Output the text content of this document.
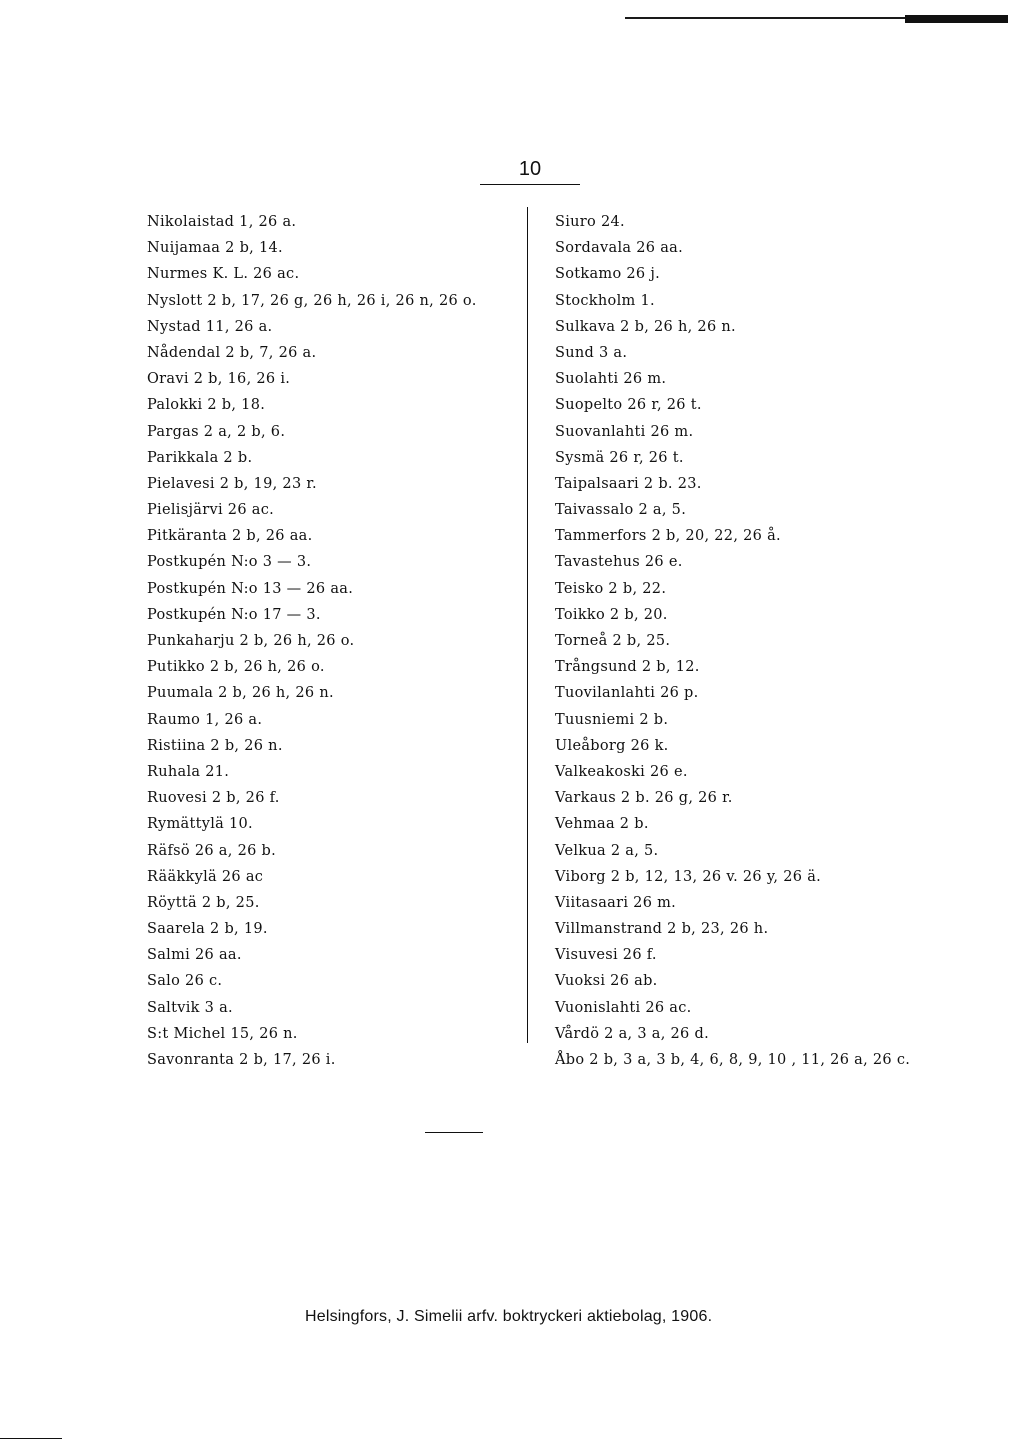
10
Nikolaistad 1, 26 a.
Nuijamaa 2 b, 14.
Nurmes K. L. 26 ac.
Nyslott 2 b, 17, 26 g, 26 h, 26 i, 26 n, 26 o.
Nystad 11, 26 a.
Nådendal 2 b, 7, 26 a.
Oravi 2 b, 16, 26 i.
Palokki 2 b, 18.
Pargas 2 a, 2 b, 6.
Parikkala 2 b.
Pielavesi 2 b, 19, 23 r.
Pielisjärvi 26 ac.
Pitkäranta 2 b, 26 aa.
Postkupén N:o 3 — 3.
Postkupén N:o 13 — 26 aa.
Postkupén N:o 17 — 3.
Punkaharju 2 b, 26 h, 26 o.
Putikko 2 b, 26 h, 26 o.
Puumala 2 b, 26 h, 26 n.
Raumo 1, 26 a.
Ristiina 2 b, 26 n.
Ruhala 21.
Ruovesi 2 b, 26 f.
Rymättylä 10.
Räfsö 26 a, 26 b.
Rääkkylä 26 ac
Röyttä 2 b, 25.
Saarela 2 b, 19.
Salmi 26 aa.
Salo 26 c.
Saltvik 3 a.
S:t Michel 15, 26 n.
Savonranta 2 b, 17, 26 i.
Siuro 24.
Sordavala 26 aa.
Sotkamo 26 j.
Stockholm 1.
Sulkava 2 b, 26 h, 26 n.
Sund 3 a.
Suolahti 26 m.
Suopelto 26 r, 26 t.
Suovanlahti 26 m.
Sysmä 26 r, 26 t.
Taipalsaari 2 b. 23.
Taivassalo 2 a, 5.
Tammerfors 2 b, 20, 22, 26 å.
Tavastehus 26 e.
Teisko 2 b, 22.
Toikko 2 b, 20.
Torneå 2 b, 25.
Trångsund 2 b, 12.
Tuovilanlahti 26 p.
Tuusniemi 2 b.
Uleåborg 26 k.
Valkeakoski 26 e.
Varkaus 2 b. 26 g, 26 r.
Vehmaa 2 b.
Velkua 2 a, 5.
Viborg 2 b, 12, 13, 26 v. 26 y, 26 ä.
Viitasaari 26 m.
Villmanstrand 2 b, 23, 26 h.
Visuvesi 26 f.
Vuoksi 26 ab.
Vuonislahti 26 ac.
Vårdö 2 a, 3 a, 26 d.
Åbo 2 b, 3 a, 3 b, 4, 6, 8, 9, 10 , 11, 26 a, 26 c.
Helsingfors, J. Simelii arfv. boktryckeri aktiebolag, 1906.
